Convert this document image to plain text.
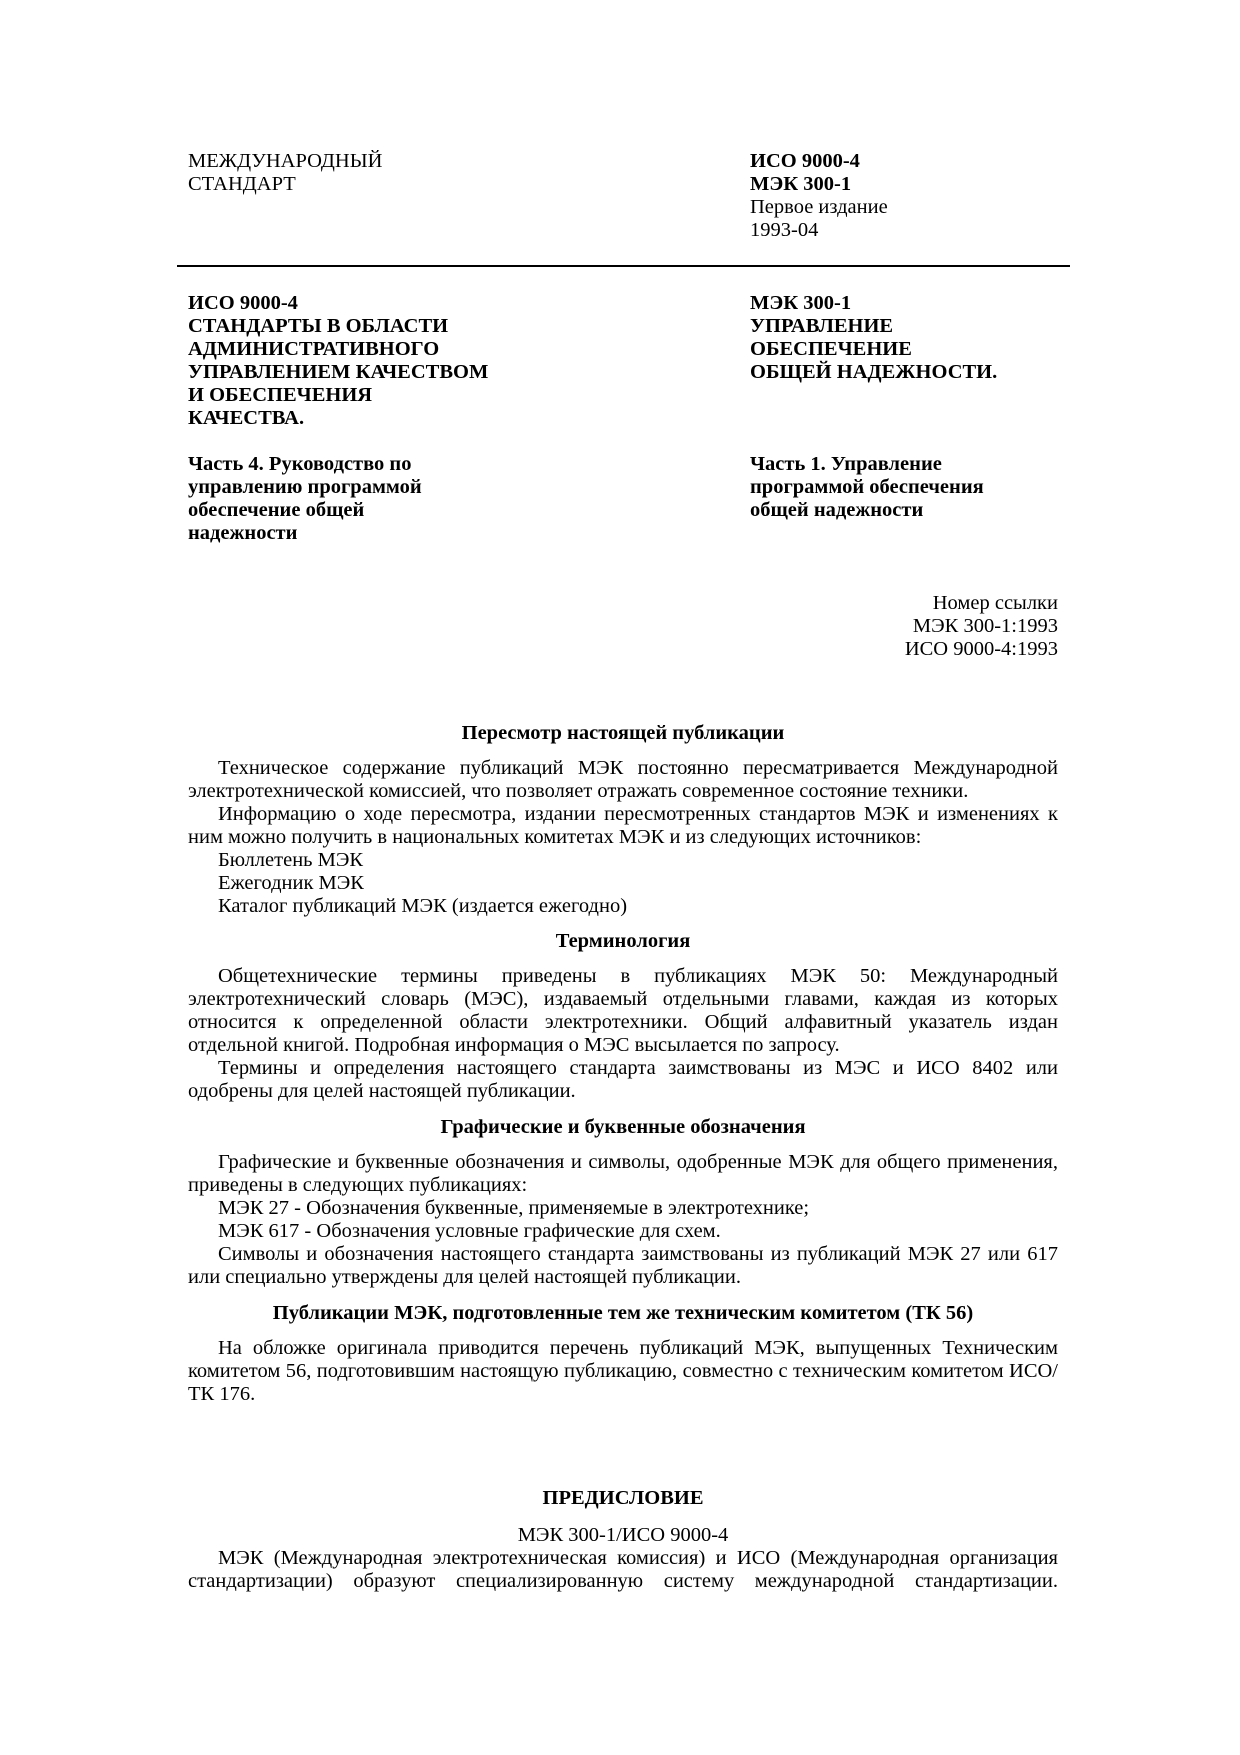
МЕЖДУНАРОДНЫЙ
СТАНДАРТ
ИСО 9000-4
МЭК 300-1
Первое издание
1993-04
ИСО 9000-4
СТАНДАРТЫ В ОБЛАСТИ
АДМИНИСТРАТИВНОГО
УПРАВЛЕНИЕМ КАЧЕСТВОМ
И ОБЕСПЕЧЕНИЯ
КАЧЕСТВА.
МЭК 300-1
УПРАВЛЕНИЕ
ОБЕСПЕЧЕНИЕ
ОБЩЕЙ НАДЕЖНОСТИ.
Часть 4. Руководство по
управлению программой
обеспечение общей
надежности
Часть 1. Управление
программой обеспечения
общей надежности
Номер ссылки
МЭК 300-1:1993
ИСО 9000-4:1993
Пересмотр настоящей публикации

Техническое содержание публикаций МЭК постоянно пересматривается Международной электротехнической комиссией, что позволяет отражать современное состояние техники.

Информацию о ходе пересмотра, издании пересмотренных стандартов МЭК и изменениях к ним можно получить в национальных комитетах МЭК и из следующих источников:

Бюллетень МЭК

Ежегодник МЭК

Каталог публикаций МЭК (издается ежегодно)

Терминология

Общетехнические термины приведены в публикациях МЭК 50: Международный электротехнический словарь (МЭС), издаваемый отдельными главами, каждая из которых относится к определенной области электротехники. Общий алфавитный указатель издан отдельной книгой. Подробная информация о МЭС высылается по запросу.

Термины и определения настоящего стандарта заимствованы из МЭС и ИСО 8402 или одобрены для целей настоящей публикации.

Графические и буквенные обозначения

Графические и буквенные обозначения и символы, одобренные МЭК для общего применения, приведены в следующих публикациях:

МЭК 27 - Обозначения буквенные, применяемые в электротехнике;

МЭК 617 - Обозначения условные графические для схем.

Символы и обозначения настоящего стандарта заимствованы из публикаций МЭК 27 или 617 или специально утверждены для целей настоящей публикации.

Публикации МЭК, подготовленные тем же техническим комитетом (ТК 56)

На обложке оригинала приводится перечень публикаций МЭК, выпущенных Техническим комитетом 56, подготовившим настоящую публикацию, совместно с техническим комитетом ИСО/ТК 176.

ПРЕДИСЛОВИЕ
МЭК 300-1/ИСО 9000-4

МЭК (Международная электротехническая комиссия) и ИСО (Международная организация стандартизации) образуют специализированную систему международной стандартизации.
